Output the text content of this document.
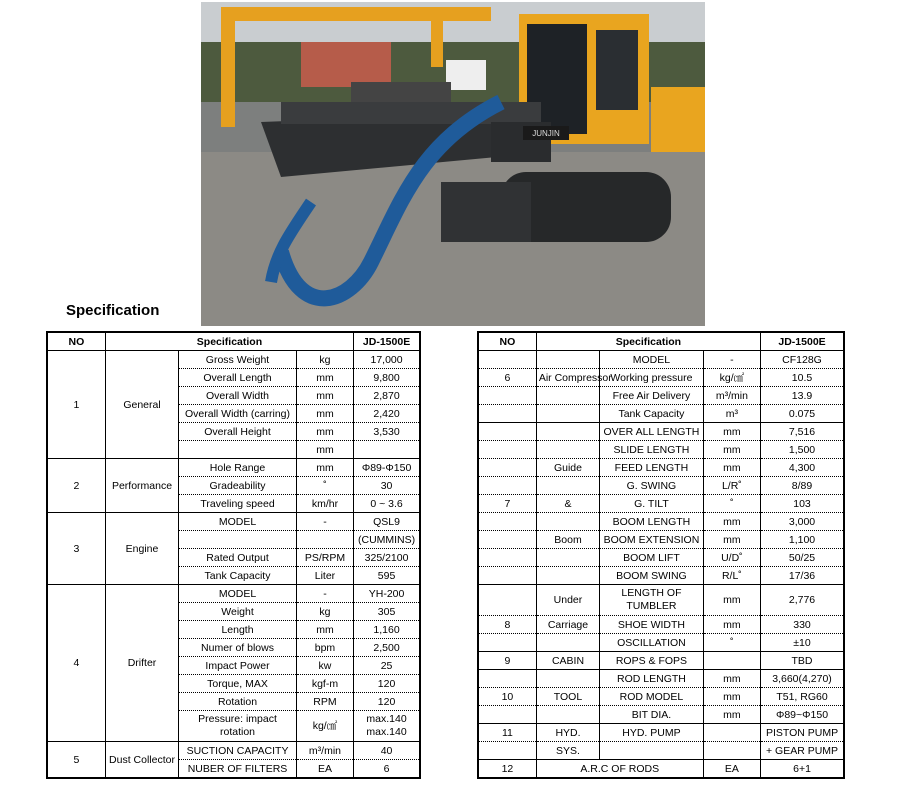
JUNJIN
Specification
NO	Specification			JD-1500E
1	General	Gross Weight	kg	17,000
		Overall Length	mm	9,800
		Overall Width	mm	2,870
		Overall Width (carring)	mm	2,420
		Overall Height	mm	3,530
			mm	
2	Performance	Hole Range	mm	Φ89-Φ150
		Gradeability	˚	30
		Traveling speed	km/hr	0 ~ 3.6
3	Engine	MODEL	-	QSL9
				(CUMMINS)
		Rated Output	PS/RPM	325/2100
		Tank Capacity	Liter	595
4	Drifter	MODEL	-	YH-200
		Weight	kg	305
		Length	mm	1,160
		Numer of blows	bpm	2,500
		Impact Power	kw	25
		Torque, MAX	kgf-m	120
		Rotation	RPM	120
		Pressure: impact rotation	kg/㎠	max.140 max.140
5	Dust Collector	SUCTION CAPACITY	m³/min	40
		NUBER OF FILTERS	EA	6
NO	Specification			JD-1500E
		MODEL	-	CF128G
6	Air Compressor	Working pressure	kg/㎠	10.5
		Free Air Delivery	m³/min	13.9
		Tank Capacity	m³	0.075
		OVER ALL LENGTH	mm	7,516
		SLIDE LENGTH	mm	1,500
	Guide	FEED LENGTH	mm	4,300
		G. SWING	L/R˚	8/89
7	&	G. TILT	˚	103
		BOOM LENGTH	mm	3,000
	Boom	BOOM EXTENSION	mm	1,100
		BOOM LIFT	U/D˚	50/25
		BOOM SWING	R/L˚	17/36
	Under	LENGTH OF TUMBLER	mm	2,776
8	Carriage	SHOE WIDTH	mm	330
		OSCILLATION	˚	±10
9	CABIN	ROPS & FOPS		TBD
		ROD LENGTH	mm	3,660(4,270)
10	TOOL	ROD MODEL	mm	T51, RG60
		BIT DIA.	mm	Φ89~Φ150
11	HYD.	HYD. PUMP		PISTON PUMP
	SYS.			+ GEAR PUMP
12	A.R.C OF RODS		EA	6+1
